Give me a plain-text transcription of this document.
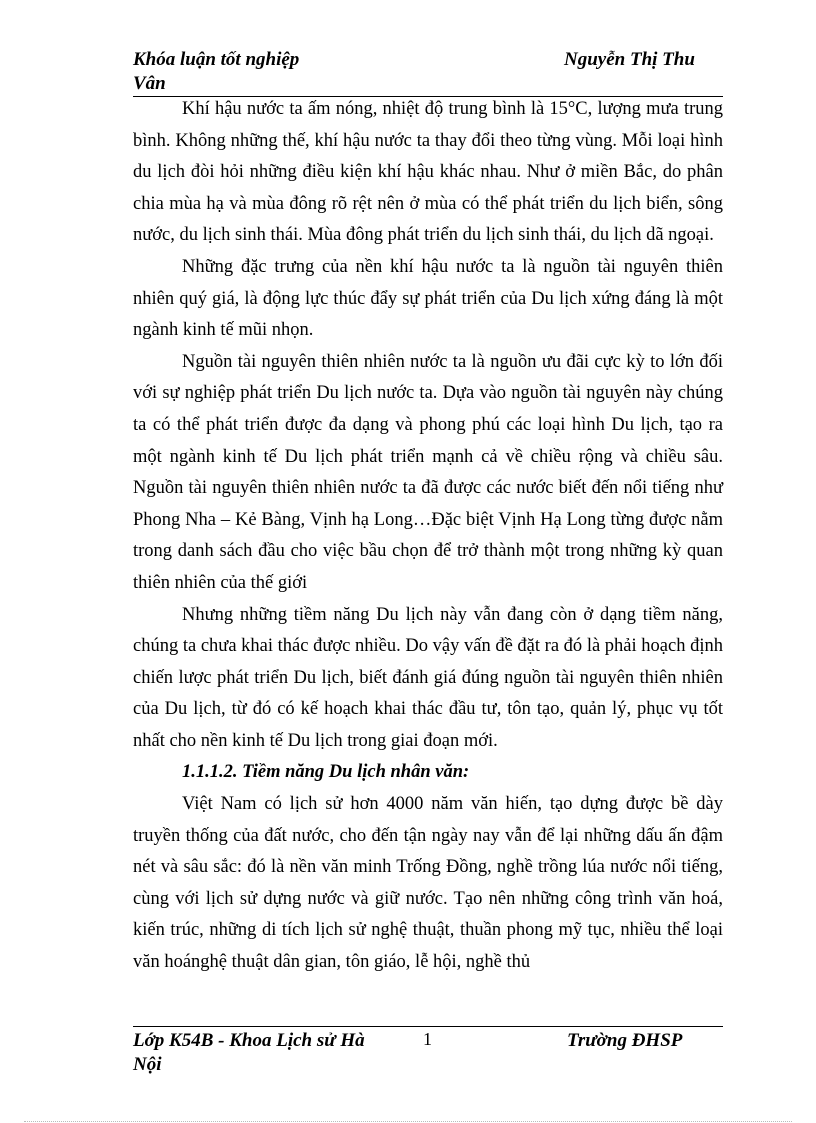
Khóa luận tốt nghiệp Vân
Nguyễn Thị Thu

Khí hậu nước ta ấm nóng, nhiệt độ trung bình là 15°C, lượng mưa trung bình. Không những thế, khí hậu nước ta thay đổi theo từng vùng. Mỗi loại hình du lịch đòi hỏi những điều kiện khí hậu khác nhau. Như ở miền Bắc, do phân chia mùa hạ và mùa đông rõ rệt nên ở mùa có thể phát triển du lịch biển, sông nước, du lịch sinh thái. Mùa đông phát triển du lịch sinh thái, du lịch dã ngoại.

Những đặc trưng của nền khí hậu nước ta là nguồn tài nguyên thiên nhiên quý giá, là động lực thúc đẩy sự phát triển của Du lịch xứng đáng là một ngành kinh tế mũi nhọn.

Nguồn tài nguyên thiên nhiên nước ta là nguồn ưu đãi cực kỳ to lớn đối với sự nghiệp phát triển Du lịch nước ta. Dựa vào nguồn tài nguyên này chúng ta có thể phát triển được đa dạng và phong phú các loại hình Du lịch, tạo ra một ngành kinh tế Du lịch phát triển mạnh cả về chiều rộng và chiều sâu. Nguồn tài nguyên thiên nhiên nước ta đã được các nước biết đến nổi tiếng như Phong Nha – Kẻ Bàng, Vịnh hạ Long…Đặc biệt Vịnh Hạ Long từng được nằm trong danh sách đầu cho việc bầu chọn để trở thành một trong những kỳ quan thiên nhiên của thế giới

Nhưng những tiềm năng Du lịch này vẫn đang còn ở dạng tiềm năng, chúng ta chưa khai thác được nhiều. Do vậy vấn đề đặt ra đó là phải hoạch định chiến lược phát triển Du lịch, biết đánh giá đúng nguồn tài nguyên thiên nhiên của Du lịch, từ đó có kế hoạch khai thác đầu tư, tôn tạo, quản lý, phục vụ tốt nhất cho nền kinh tế Du lịch trong giai đoạn mới.

1.1.1.2. Tiềm năng Du lịch nhân văn:

Việt Nam có lịch sử hơn 4000 năm văn hiến, tạo dựng được bề dày truyền thống của đất nước, cho đến tận ngày nay vẫn để lại những dấu ấn đậm nét và sâu sắc: đó là nền văn minh Trống Đồng, nghề trồng lúa nước nổi tiếng, cùng với lịch sử dựng nước và giữ nước. Tạo nên những công trình văn hoá, kiến trúc, những di tích lịch sử nghệ thuật, thuần phong mỹ tục, nhiều thể loại văn hoánghệ thuật dân gian, tôn giáo, lễ hội, nghề thủ

Lớp K54B - Khoa Lịch sử Hà Nội
1	Trường ĐHSP
